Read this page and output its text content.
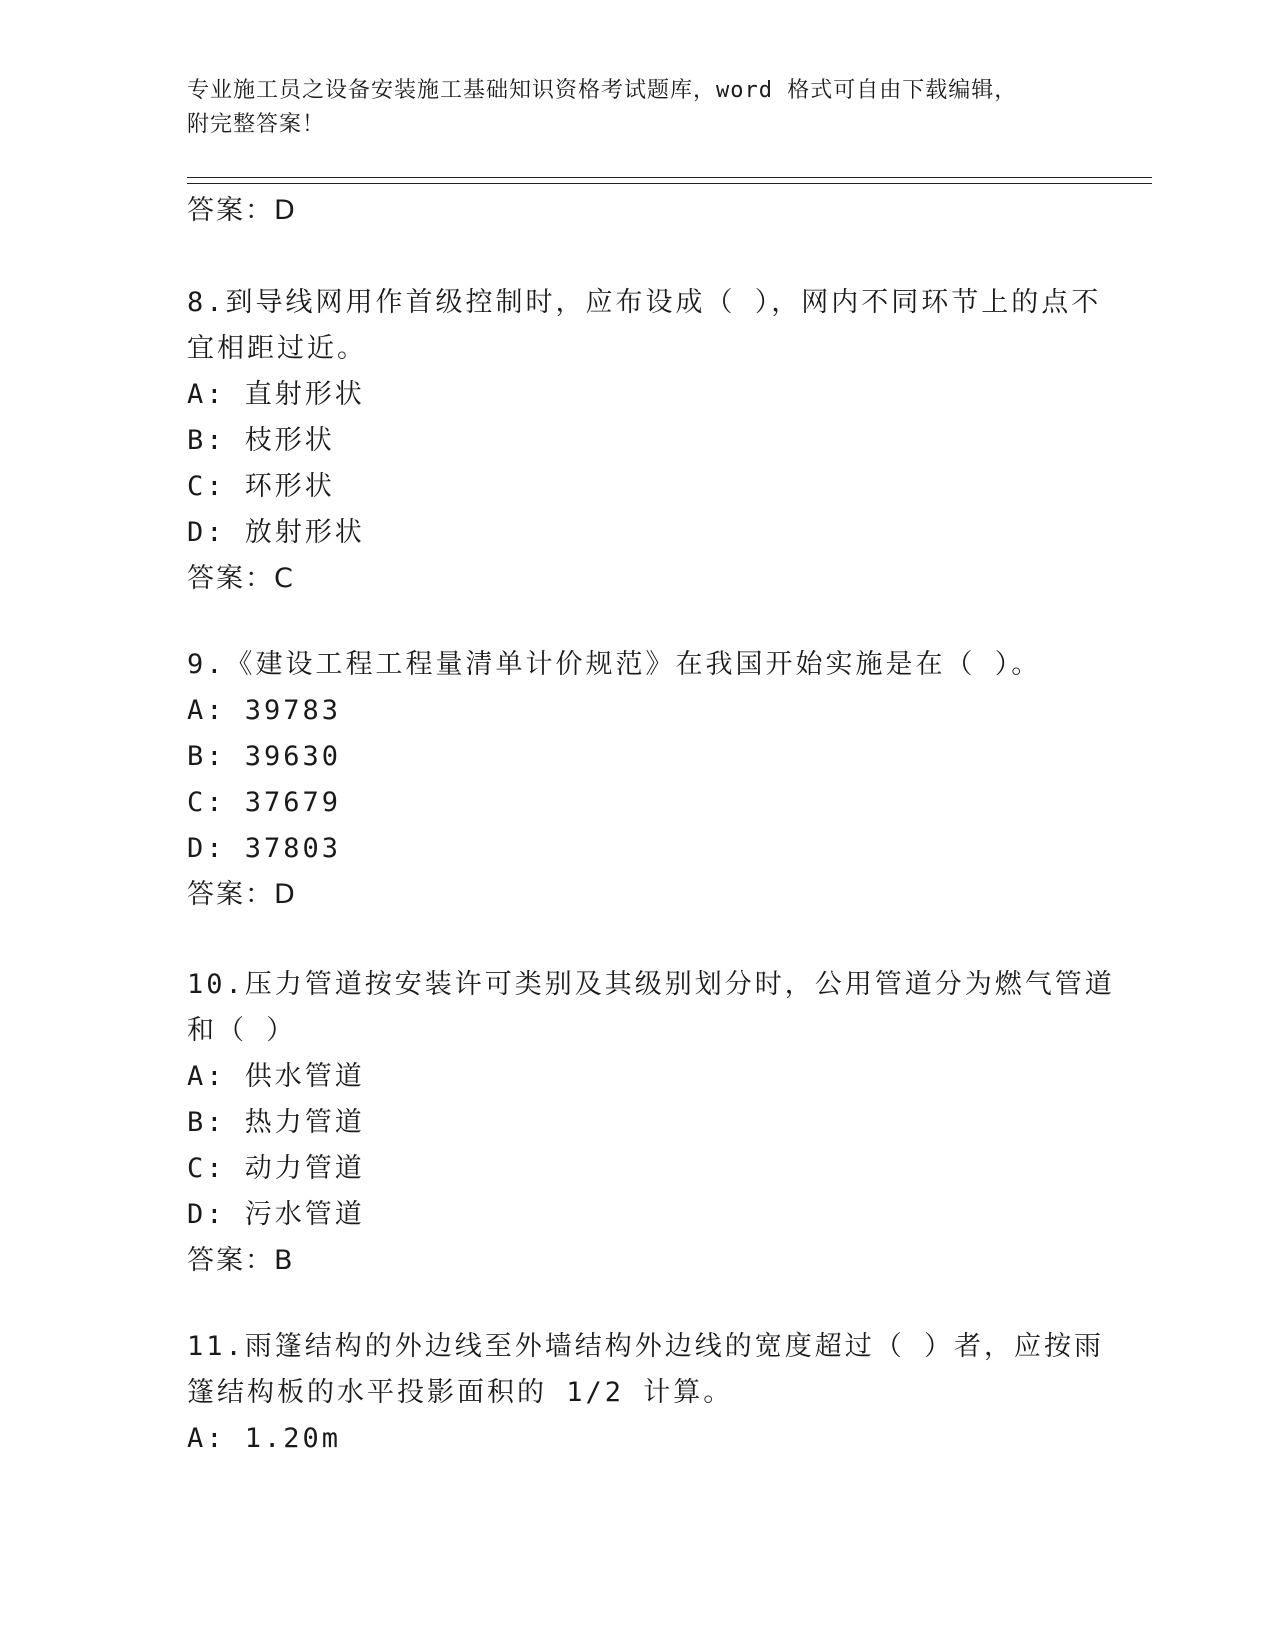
专业施工员之设备安装施工基础知识资格考试题库，word 格式可自由下载编辑，
附完整答案！
答案：D
8.到导线网用作首级控制时，应布设成（ ），网内不同环节上的点不
宜相距过近。
A: 直射形状
B: 枝形状
C: 环形状
D: 放射形状
答案：C
9.《建设工程工程量清单计价规范》在我国开始实施是在（ ）。
A: 39783
B: 39630
C: 37679
D: 37803
答案：D
10.压力管道按安装许可类别及其级别划分时，公用管道分为燃气管道
和（ ）
A: 供水管道
B: 热力管道
C: 动力管道
D: 污水管道
答案：B
11.雨篷结构的外边线至外墙结构外边线的宽度超过（ ）者，应按雨
篷结构板的水平投影面积的 1/2 计算。
A: 1.20m
